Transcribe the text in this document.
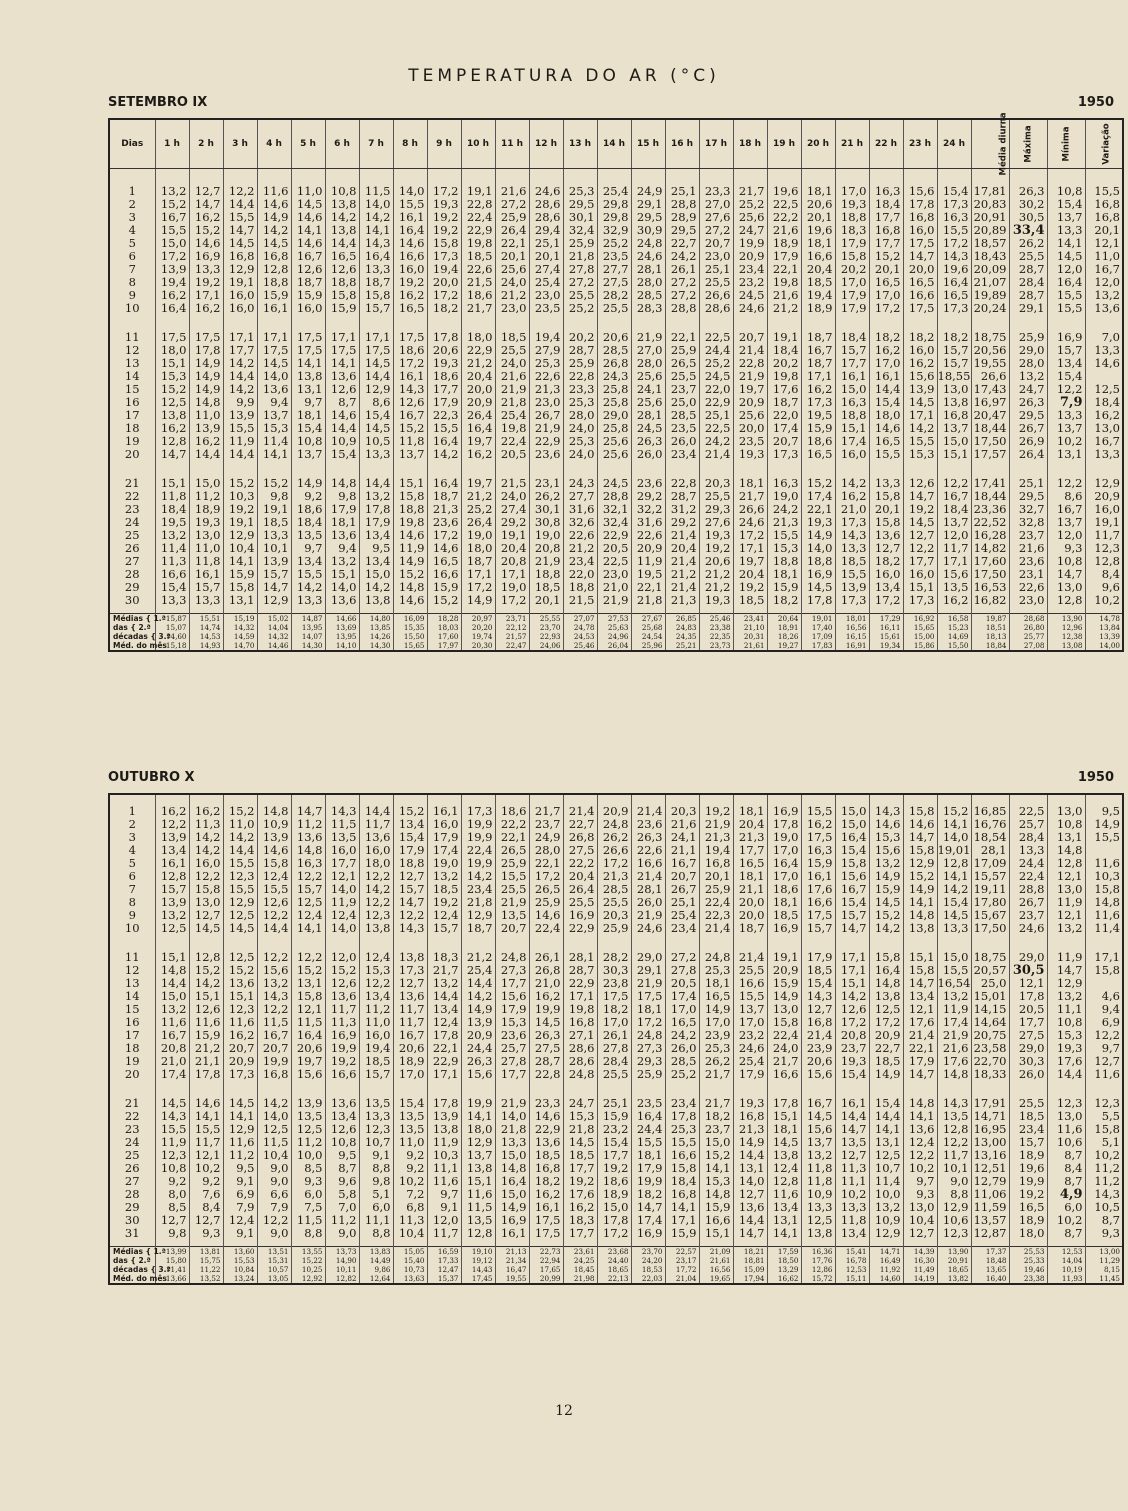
TEMPERATURA DO AR (°C)
SETEMBRO IX	1950
Dias	1 h	2 h	3 h	4 h	5 h	6 h	7 h	8 h	9 h	10 h	11 h	12 h	13 h	14 h	15 h	16 h	17 h	18 h	19 h	20 h	21 h	22 h	23 h	24 h	Média diurna	Máxima	Mínima	Variação

1	13,2	12,7	12,2	11,6	11,0	10,8	11,5	14,0	17,2	19,1	21,6	24,6	25,3	25,4	24,9	25,1	23,3	21,7	19,6	18,1	17,0	16,3	15,6	15,4	17,81	26,3	10,8	15,5
2	15,2	14,7	14,4	14,6	14,5	13,8	14,0	15,5	19,3	22,8	27,2	28,6	29,5	29,8	29,1	28,8	27,0	25,2	22,5	20,6	19,3	18,4	17,8	17,3	20,83	30,2	15,4	16,8
3	16,7	16,2	15,5	14,9	14,6	14,2	14,2	16,1	19,2	22,4	25,9	28,6	30,1	29,8	29,5	28,9	27,6	25,6	22,2	20,1	18,8	17,7	16,8	16,3	20,91	30,5	13,7	16,8
4	15,5	15,2	14,7	14,2	14,1	13,8	14,1	16,4	19,2	22,9	26,4	29,4	32,4	32,9	30,9	29,5	27,2	24,7	21,6	19,6	18,3	16,8	16,0	15,5	20,89	33,4	13,3	20,1
5	15,0	14,6	14,5	14,5	14,6	14,4	14,3	14,6	15,8	19,8	22,1	25,1	25,9	25,2	24,8	22,7	20,7	19,9	18,9	18,1	17,9	17,7	17,5	17,2	18,57	26,2	14,1	12,1
6	17,2	16,9	16,8	16,8	16,7	16,5	16,4	16,6	17,3	18,5	20,1	20,1	21,8	23,5	24,6	24,2	23,0	20,9	17,9	16,6	15,8	15,2	14,7	14,3	18,43	25,5	14,5	11,0
7	13,9	13,3	12,9	12,8	12,6	12,6	13,3	16,0	19,4	22,6	25,6	27,4	27,8	27,7	28,1	26,1	25,1	23,4	22,1	20,4	20,2	20,1	20,0	19,6	20,09	28,7	12,0	16,7
8	19,4	19,2	19,1	18,8	18,7	18,8	18,7	19,2	20,0	21,5	24,0	25,4	27,2	27,5	28,0	27,2	25,5	23,2	19,8	18,5	17,0	16,5	16,5	16,4	21,07	28,4	16,4	12,0
9	16,2	17,1	16,0	15,9	15,9	15,8	15,8	16,2	17,2	18,6	21,2	23,0	25,5	28,2	28,5	27,2	26,6	24,5	21,6	19,4	17,9	17,0	16,6	16,5	19,89	28,7	15,5	13,2
10	16,4	16,2	16,0	16,1	16,0	15,9	15,7	16,5	18,2	21,7	23,0	23,5	25,2	25,5	28,3	28,8	28,6	24,6	21,2	18,9	17,9	17,2	17,5	17,3	20,24	29,1	15,5	13,6

11	17,5	17,5	17,1	17,1	17,5	17,1	17,1	17,5	17,8	18,0	18,5	19,4	20,2	20,6	21,9	22,1	22,5	20,7	19,1	18,7	18,4	18,2	18,2	18,2	18,75	25,9	16,9	7,0
12	18,0	17,8	17,7	17,5	17,5	17,5	17,5	18,6	20,6	22,9	25,5	27,9	28,7	28,5	27,0	25,9	24,4	21,4	18,4	16,7	15,7	16,2	16,0	15,7	20,56	29,0	15,7	13,3
13	15,1	14,9	14,2	14,5	14,1	14,1	14,5	17,2	19,3	21,2	24,0	25,3	25,9	26,8	28,0	26,5	25,2	22,8	20,2	18,7	17,7	17,0	16,2	15,7	19,55	28,0	13,4	14,6
14	15,3	14,9	14,4	14,0	13,8	13,6	14,4	16,1	18,6	20,4	21,6	22,6	22,8	24,3	25,6	25,5	24,5	21,9	19,8	17,1	16,1	16,1	15,6	18,55	26,6	13,2	15,4	
15	15,2	14,9	14,2	13,6	13,1	12,6	12,9	14,3	17,7	20,0	21,9	21,3	23,3	25,8	24,1	23,7	22,0	19,7	17,6	16,2	15,0	14,4	13,9	13,0	17,43	24,7	12,2	12,5
16	12,5	14,8	9,9	9,4	9,7	8,7	8,6	12,6	17,9	20,9	21,8	23,0	25,3	25,8	25,6	25,0	22,9	20,9	18,7	17,3	16,3	15,4	14,5	13,8	16,97	26,3	7,9	18,4
17	13,8	11,0	13,9	13,7	18,1	14,6	15,4	16,7	22,3	26,4	25,4	26,7	28,0	29,0	28,1	28,5	25,1	25,6	22,0	19,5	18,8	18,0	17,1	16,8	20,47	29,5	13,3	16,2
18	16,2	13,9	15,5	15,3	15,4	14,4	14,5	15,2	15,5	16,4	19,8	21,9	24,0	25,8	24,5	23,5	22,5	20,0	17,4	15,9	15,1	14,6	14,2	13,7	18,44	26,7	13,7	13,0
19	12,8	16,2	11,9	11,4	10,8	10,9	10,5	11,8	16,4	19,7	22,4	22,9	25,3	25,6	26,3	26,0	24,2	23,5	20,7	18,6	17,4	16,5	15,5	15,0	17,50	26,9	10,2	16,7
20	14,7	14,4	14,4	14,1	13,7	15,4	13,3	13,7	14,2	16,2	20,5	23,6	24,0	25,6	26,0	23,4	21,4	19,3	17,3	16,5	16,0	15,5	15,3	15,1	17,57	26,4	13,1	13,3

21	15,1	15,0	15,2	15,2	14,9	14,8	14,4	15,1	16,4	19,7	21,5	23,1	24,3	24,5	23,6	22,8	20,3	18,1	16,3	15,2	14,2	13,3	12,6	12,2	17,41	25,1	12,2	12,9
22	11,8	11,2	10,3	9,8	9,2	9,8	13,2	15,8	18,7	21,2	24,0	26,2	27,7	28,8	29,2	28,7	25,5	21,7	19,0	17,4	16,2	15,8	14,7	16,7	18,44	29,5	8,6	20,9
23	18,4	18,9	19,2	19,1	18,6	17,9	17,8	18,8	21,3	25,2	27,4	30,1	31,6	32,1	32,2	31,2	29,3	26,6	24,2	22,1	21,0	20,1	19,2	18,4	23,36	32,7	16,7	16,0
24	19,5	19,3	19,1	18,5	18,4	18,1	17,9	19,8	23,6	26,4	29,2	30,8	32,6	32,4	31,6	29,2	27,6	24,6	21,3	19,3	17,3	15,8	14,5	13,7	22,52	32,8	13,7	19,1
25	13,2	13,0	12,9	13,3	13,5	13,6	13,4	14,6	17,2	19,0	19,1	19,0	22,6	22,9	22,6	21,4	19,3	17,2	15,5	14,9	14,3	13,6	12,7	12,0	16,28	23,7	12,0	11,7
26	11,4	11,0	10,4	10,1	9,7	9,4	9,5	11,9	14,6	18,0	20,4	20,8	21,2	20,5	20,9	20,4	19,2	17,1	15,3	14,0	13,3	12,7	12,2	11,7	14,82	21,6	9,3	12,3
27	11,3	11,8	14,1	13,9	13,4	13,2	13,4	14,9	16,5	18,7	20,8	21,9	23,4	22,5	11,9	21,4	20,6	19,7	18,8	18,8	18,5	18,2	17,7	17,1	17,60	23,6	10,8	12,8
28	16,6	16,1	15,9	15,7	15,5	15,1	15,0	15,2	16,6	17,1	17,1	18,8	22,0	23,0	19,5	21,2	21,2	20,4	18,1	16,9	15,5	16,0	16,0	15,6	17,50	23,1	14,7	8,4
29	15,4	15,7	15,8	14,7	14,2	14,0	14,2	14,8	15,9	17,2	19,0	18,5	18,8	21,0	22,1	21,4	21,2	19,2	15,9	14,5	13,9	13,4	15,1	13,5	16,53	22,6	13,0	9,6
30	13,3	13,3	13,1	12,9	13,3	13,6	13,8	14,6	15,2	14,9	17,2	20,1	21,5	21,9	21,8	21,3	19,3	18,5	18,2	17,8	17,3	17,2	17,3	16,2	16,82	23,0	12,8	10,2

Médias { 1.ª	15,87	15,51	15,19	15,02	14,87	14,66	14,80	16,09	18,28	20,97	23,71	25,55	27,07	27,53	27,67	26,85	25,46	23,41	20,64	19,01	18,01	17,29	16,92	16,58	19,87	28,68	13,90	14,78
das { 2.ª	15,07	14,74	14,32	14,04	13,95	13,69	13,85	15,35	18,03	20,20	22,12	23,70	24,78	25,63	25,68	24,83	23,38	21,10	18,91	17,40	16,56	16,11	15,65	15,23	18,51	26,80	12,96	13,84
décadas { 3.ª	14,60	14,53	14,59	14,32	14,07	13,95	14,26	15,50	17,60	19,74	21,57	22,93	24,53	24,96	24,54	24,35	22,35	20,31	18,26	17,09	16,15	15,61	15,00	14,69	18,13	25,77	12,38	13,39
Méd. do mês	15,18	14,93	14,70	14,46	14,30	14,10	14,30	15,65	17,97	20,30	22,47	24,06	25,46	26,04	25,96	25,21	23,73	21,61	19,27	17,83	16,91	19,34	15,86	15,50	18,84	27,08	13,08	14,00
OUTUBRO X	1950

1	16,2	16,2	15,2	14,8	14,7	14,3	14,4	15,2	16,1	17,3	18,6	21,7	21,4	20,9	21,4	20,3	19,2	18,1	16,9	15,5	15,0	14,3	15,8	15,2	16,85	22,5	13,0	9,5
2	12,2	11,3	11,0	10,9	11,2	11,5	11,7	13,4	16,0	19,9	22,2	23,7	22,7	24,8	23,6	21,6	21,9	20,4	17,8	16,2	15,0	14,6	14,6	14,1	16,76	25,7	10,8	14,9
3	13,9	14,2	14,2	13,9	13,6	13,5	13,6	15,4	17,9	19,9	22,1	24,9	26,8	26,2	26,3	24,1	21,3	21,3	19,0	17,5	16,4	15,3	14,7	14,0	18,54	28,4	13,1	15,5
4	13,4	14,2	14,4	14,6	14,8	16,0	16,0	17,9	17,4	22,4	26,5	28,0	27,5	26,6	22,6	21,1	19,4	17,7	17,0	16,3	15,4	15,6	15,8	19,01	28,1	13,3	14,8	
5	16,1	16,0	15,5	15,8	16,3	17,7	18,0	18,8	19,0	19,9	25,9	22,1	22,2	17,2	16,6	16,7	16,8	16,5	16,4	15,9	15,8	13,2	12,9	12,8	17,09	24,4	12,8	11,6
6	12,8	12,2	12,3	12,4	12,2	12,1	12,2	12,7	13,2	14,2	15,5	17,2	20,4	21,3	21,4	20,7	20,1	18,1	17,0	16,1	15,6	14,9	15,2	14,1	15,57	22,4	12,1	10,3
7	15,7	15,8	15,5	15,5	15,7	14,0	14,2	15,7	18,5	23,4	25,5	26,5	26,4	28,5	28,1	26,7	25,9	21,1	18,6	17,6	16,7	15,9	14,9	14,2	19,11	28,8	13,0	15,8
8	13,9	13,0	12,9	12,6	12,5	11,9	12,2	14,7	19,2	21,8	21,9	25,9	25,5	25,5	26,0	25,1	22,4	20,0	18,1	16,6	15,4	14,5	14,1	15,4	17,80	26,7	11,9	14,8
9	13,2	12,7	12,5	12,2	12,4	12,4	12,3	12,2	12,4	12,9	13,5	14,6	16,9	20,3	21,9	25,4	22,3	20,0	18,5	17,5	15,7	15,2	14,8	14,5	15,67	23,7	12,1	11,6
10	12,5	14,5	14,5	14,4	14,1	14,0	13,8	14,3	15,7	18,7	20,7	22,4	22,9	25,9	24,6	23,4	21,4	18,7	16,9	15,7	14,7	14,2	13,8	13,3	17,50	24,6	13,2	11,4

11	15,1	12,8	12,5	12,2	12,2	12,0	12,4	13,8	18,3	21,2	24,8	26,1	28,1	28,2	29,0	27,2	24,8	21,4	19,1	17,9	17,1	15,8	15,1	15,0	18,75	29,0	11,9	17,1
12	14,8	15,2	15,2	15,6	15,2	15,2	15,3	17,3	21,7	25,4	27,3	26,8	28,7	30,3	29,1	27,8	25,3	25,5	20,9	18,5	17,1	16,4	15,8	15,5	20,57	30,5	14,7	15,8
13	14,4	14,2	13,6	13,2	13,1	12,6	12,2	12,7	13,2	14,4	17,7	21,0	22,9	23,8	21,9	20,5	18,1	16,6	15,9	15,4	15,1	14,8	14,7	16,54	25,0	12,1	12,9	
14	15,0	15,1	15,1	14,3	15,8	13,6	13,4	13,6	14,4	14,2	15,6	16,2	17,1	17,5	17,5	17,4	16,5	15,5	14,9	14,3	14,2	13,8	13,4	13,2	15,01	17,8	13,2	4,6
15	13,2	12,6	12,3	12,2	12,1	11,7	11,2	11,7	13,4	14,9	17,9	19,9	19,8	18,2	18,1	17,0	14,9	13,7	13,0	12,7	12,6	12,5	12,1	11,9	14,15	20,5	11,1	9,4
16	11,6	11,6	11,6	11,5	11,5	11,3	11,0	11,7	12,4	13,9	15,3	14,5	16,8	17,0	17,2	16,5	17,0	17,0	15,8	16,8	17,2	17,2	17,6	17,4	14,64	17,7	10,8	6,9
17	16,7	15,9	16,2	16,7	16,4	16,9	16,0	16,7	17,8	20,9	23,6	26,3	27,1	26,1	24,8	24,2	23,9	23,2	22,4	21,4	20,8	20,9	21,4	21,9	20,75	27,5	15,3	12,2
18	20,8	21,2	20,7	20,7	20,6	19,9	19,4	20,6	22,1	24,4	25,7	27,5	28,6	27,8	27,3	26,0	25,3	24,6	24,0	23,9	23,7	22,7	22,1	21,6	23,58	29,0	19,3	9,7
19	21,0	21,1	20,9	19,9	19,7	19,2	18,5	18,9	22,9	26,3	27,8	28,7	28,6	28,4	29,3	28,5	26,2	25,4	21,7	20,6	19,3	18,5	17,9	17,6	22,70	30,3	17,6	12,7
20	17,4	17,8	17,3	16,8	15,6	16,6	15,7	17,0	17,1	15,6	17,7	22,8	24,8	25,5	25,9	25,2	21,7	17,9	16,6	15,6	15,4	14,9	14,7	14,8	18,33	26,0	14,4	11,6

21	14,5	14,6	14,5	14,2	13,9	13,6	13,5	15,4	17,8	19,9	21,9	23,3	24,7	25,1	23,5	23,4	21,7	19,3	17,8	16,7	16,1	15,4	14,8	14,3	17,91	25,5	12,3	12,3
22	14,3	14,1	14,1	14,0	13,5	13,4	13,3	13,5	13,9	14,1	14,0	14,6	15,3	15,9	16,4	17,8	18,2	16,8	15,1	14,5	14,4	14,4	14,1	13,5	14,71	18,5	13,0	5,5
23	15,5	15,5	12,9	12,5	12,5	12,6	12,3	13,5	13,8	18,0	21,8	22,9	21,8	23,2	24,4	25,3	23,7	21,3	18,1	15,6	14,7	14,1	13,6	12,8	16,95	23,4	11,6	15,8
24	11,9	11,7	11,6	11,5	11,2	10,8	10,7	11,0	11,9	12,9	13,3	13,6	14,5	15,4	15,5	15,5	15,0	14,9	14,5	13,7	13,5	13,1	12,4	12,2	13,00	15,7	10,6	5,1
25	12,3	12,1	11,2	10,4	10,0	9,5	9,1	9,2	10,3	13,7	15,0	18,5	18,5	17,7	18,1	16,6	15,2	14,4	13,8	13,2	12,7	12,5	12,2	11,7	13,16	18,9	8,7	10,2
26	10,8	10,2	9,5	9,0	8,5	8,7	8,8	9,2	11,1	13,8	14,8	16,8	17,7	19,2	17,9	15,8	14,1	13,1	12,4	11,8	11,3	10,7	10,2	10,1	12,51	19,6	8,4	11,2
27	9,2	9,2	9,1	9,0	9,3	9,6	9,8	10,2	11,6	15,1	16,4	18,2	19,2	18,6	19,9	18,4	15,3	14,0	12,8	11,8	11,1	11,4	9,7	9,0	12,79	19,9	8,7	11,2
28	8,0	7,6	6,9	6,6	6,0	5,8	5,1	7,2	9,7	11,6	15,0	16,2	17,6	18,9	18,2	16,8	14,8	12,7	11,6	10,9	10,2	10,0	9,3	8,8	11,06	19,2	4,9	14,3
29	8,5	8,4	7,9	7,9	7,5	7,0	6,0	6,8	9,1	11,5	14,9	16,1	16,2	15,0	14,7	14,1	15,9	13,6	13,4	13,3	13,3	13,2	13,0	12,9	11,59	16,5	6,0	10,5
30	12,7	12,7	12,4	12,2	11,5	11,2	11,1	11,3	12,0	13,5	16,9	17,5	18,3	17,8	17,4	17,1	16,6	14,4	13,1	12,5	11,8	10,9	10,4	10,6	13,57	18,9	10,2	8,7
31	9,8	9,3	9,1	9,0	8,8	9,0	8,8	10,4	11,7	12,8	16,1	17,5	17,7	17,2	16,9	15,9	15,1	14,7	14,1	13,8	13,4	12,9	12,7	12,3	12,87	18,0	8,7	9,3

Médias { 1.ª	13,99	13,81	13,60	13,51	13,55	13,73	13,83	15,05	16,59	19,10	21,13	22,73	23,61	23,68	23,70	22,57	21,09	18,21	17,59	16,36	15,41	14,71	14,39	13,90	17,37	25,53	12,53	13,00
das { 2.ª	15,80	15,75	15,53	15,31	15,22	14,90	14,49	15,40	17,33	19,12	21,34	22,94	24,25	24,40	24,20	23,17	21,61	18,81	18,50	17,76	16,78	16,49	16,30	20,91	18,48	25,33	14,04	11,29
décadas { 3.ª	11,41	11,22	10,84	10,57	10,25	10,11	9,86	10,73	12,47	14,43	16,47	17,65	18,45	18,65	18,53	17,72	16,56	15,09	13,29	12,86	12,53	11,92	11,49	18,65	13,65	19,46	10,19	8,15
Méd. do mês	13,66	13,52	13,24	13,05	12,92	12,82	12,64	13,63	15,37	17,45	19,55	20,99	21,98	22,13	22,03	21,04	19,65	17,94	16,62	15,72	15,11	14,60	14,19	13,82	16,40	23,38	11,93	11,45
12
